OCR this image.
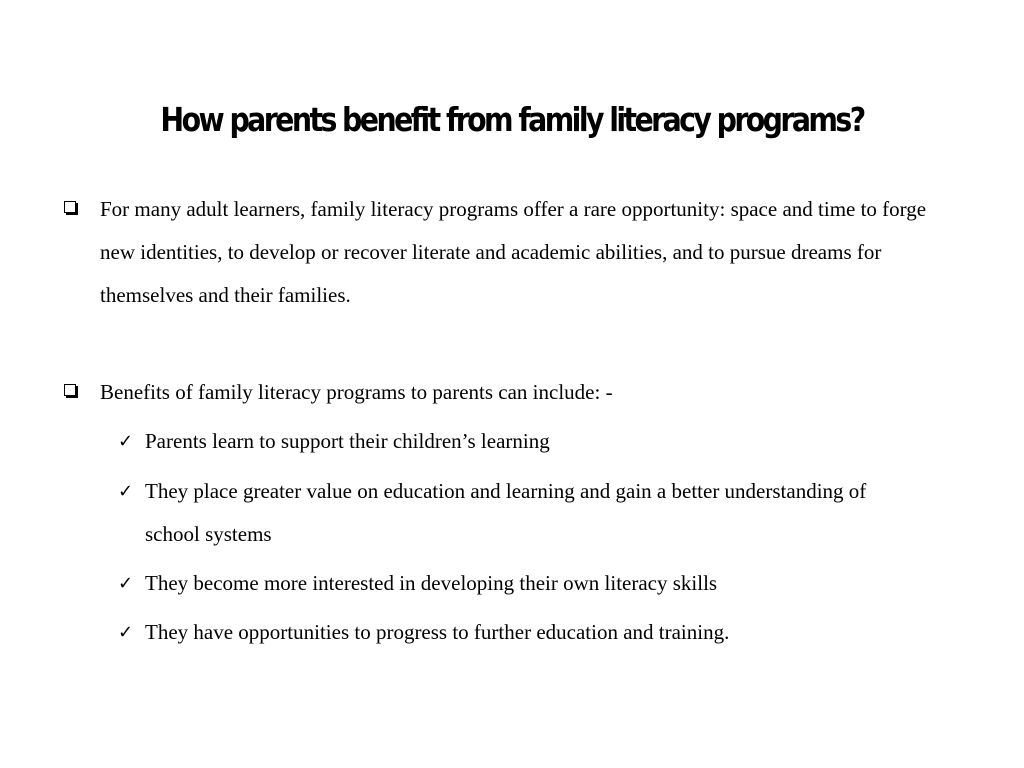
How parents benefit from family literacy programs?
For many adult learners, family literacy programs offer a rare opportunity: space and time to forge new identities, to develop or recover literate and academic abilities, and to pursue dreams for themselves and their families.
Benefits of family literacy programs to parents can include: -
✓ Parents learn to support their children’s learning
✓ They place greater value on education and learning and gain a better understanding of school systems
✓ They become more interested in developing their own literacy skills
✓ They have opportunities to progress to further education and training.
